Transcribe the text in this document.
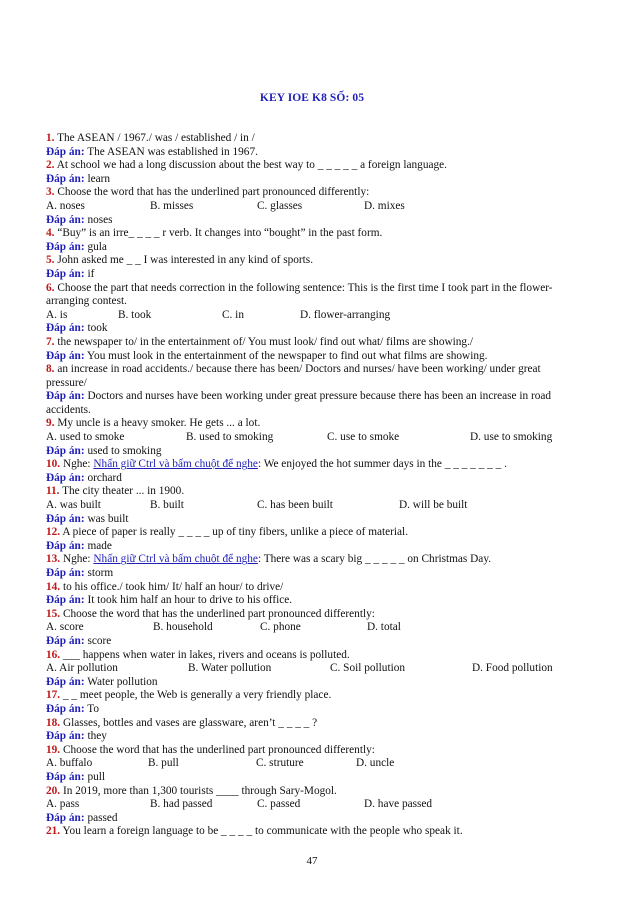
KEY IOE K8 SỐ: 05
1. The ASEAN / 1967./ was / established / in /
Đáp án: The ASEAN was established in 1967.
2. At school we had a long discussion about the best way to _ _ _ _ _ a foreign language.
Đáp án: learn
3. Choose the word that has the underlined part pronounced differently:
A. noses	B. misses	C. glasses	D. mixes
Đáp án: noses
4. “Buy” is an irre_ _ _ _ r verb. It changes into “bought” in the past form.
Đáp án: gula
5. John asked me _ _ I was interested in any kind of sports.
Đáp án: if
6. Choose the part that needs correction in the following sentence: This is the first time I took part in the flower-arranging contest.
A. is	B. took	C. in	D. flower-arranging
Đáp án: took
7. the newspaper to/ in the entertainment of/ You must look/ find out what/ films are showing./
Đáp án: You must look in the entertainment of the newspaper to find out what films are showing.
8. an increase in road accidents./ because there has been/ Doctors and nurses/ have been working/ under great pressure/
Đáp án: Doctors and nurses have been working under great pressure because there has been an increase in road accidents.
9. My uncle is a heavy smoker. He gets ... a lot.
A. used to smoke	B. used to smoking	C. use to smoke	D. use to smoking
Đáp án: used to smoking
10. Nghe: Nhấn giữ Ctrl và bấm chuột để nghe: We enjoyed the hot summer days in the _ _ _ _ _ _ _ .
Đáp án: orchard
11. The city theater ... in 1900.
A. was built	B. built	C. has been built	D. will be built
Đáp án: was built
12. A piece of paper is really _ _ _ _ up of tiny fibers, unlike a piece of material.
Đáp án: made
13. Nghe: Nhấn giữ Ctrl và bấm chuột để nghe: There was a scary big _ _ _ _ _ on Christmas Day.
Đáp án: storm
14. to his office./ took him/ It/ half an hour/ to drive/
Đáp án: It took him half an hour to drive to his office.
15. Choose the word that has the underlined part pronounced differently:
A. score	B. household	C. phone	D. total
Đáp án: score
16. ___ happens when water in lakes, rivers and oceans is polluted.
A. Air pollution	B. Water pollution	C. Soil pollution	D. Food pollution
Đáp án: Water pollution
17. _ _ meet people, the Web is generally a very friendly place.
Đáp án: To
18. Glasses, bottles and vases are glassware, aren’t _ _ _ _ ?
Đáp án: they
19. Choose the word that has the underlined part pronounced differently:
A. buffalo	B. pull	C. struture	D. uncle
Đáp án: pull
20. In 2019, more than 1,300 tourists ____ through Sary-Mogol.
A. pass	B. had passed	C. passed	D. have passed
Đáp án: passed
21. You learn a foreign language to be _ _ _ _ to communicate with the people who speak it.
47
